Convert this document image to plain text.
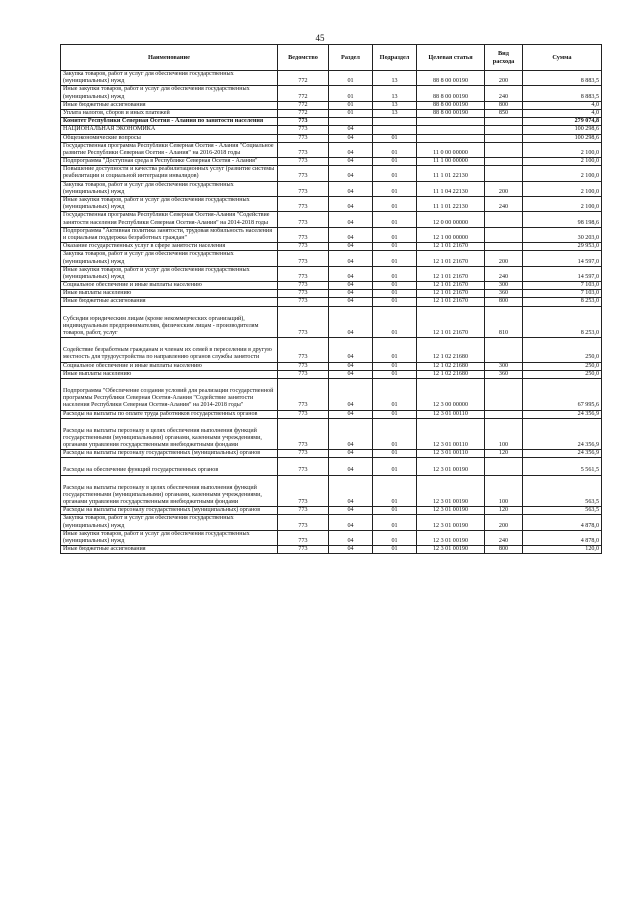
45
Наименование	Ведомство	Раздел	Подраздел	Целевая статья	Вид расхода	Сумма
Закупка товаров, работ и услуг для обеспечения государственных (муниципальных) нужд	772	01	13	88 8 00 00190	200	8 883,5
Иные закупки товаров, работ и услуг для обеспечения государственных (муниципальных) нужд	772	01	13	88 8 00 00190	240	8 883,5
Иные бюджетные ассигнования	772	01	13	88 8 00 00190	800	4,0
Уплата налогов, сборов и иных платежей	772	01	13	88 8 00 00190	850	4,0
Комитет Республики Северная Осетия - Алания по занятости населения	773					279 074,8
НАЦИОНАЛЬНАЯ ЭКОНОМИКА	773	04				100 298,6
Общеэкономические вопросы	773	04	01			100 298,6
Государственная программа Республики Северная Осетия - Алания "Социальное развитие Республики Северная Осетия - Алания" на 2016-2018 годы	773	04	01	11 0 00 00000		2 100,0
Подпрограмма "Доступная среда в Республике Северная Осетия - Алания"	773	04	01	11 1 00 00000		2 100,0
Повышение доступности и качества реабилитационных услуг (развитие системы реабилитации и социальной интеграции инвалидов)	773	04	01	11 1 01 22130		2 100,0
Закупка товаров, работ и услуг для обеспечения государственных (муниципальных) нужд	773	04	01	11 1 04 22130	200	2 100,0
Иные закупки товаров, работ и услуг для обеспечения государственных (муниципальных) нужд	773	04	01	11 1 01 22130	240	2 100,0
Государственная программа Республики Северная Осетия-Алания "Содействие занятости населения Республики Северная Осетия-Алания" на 2014-2018 годы	773	04	01	12 0 00 00000		98 198,6
Подпрограмма "Активная политика занятости, трудовая мобильность населения и социальная поддержка безработных граждан"	773	04	01	12 1 00 00000		30 203,0
Оказание государственных услуг в сфере занятости населения	773	04	01	12 1 01 21670		29 953,0
Закупка товаров, работ и услуг для обеспечения государственных (муниципальных) нужд	773	04	01	12 1 01 21670	200	14 597,0
Иные закупки товаров, работ и услуг для обеспечения государственных (муниципальных) нужд	773	04	01	12 1 01 21670	240	14 597,0
Социальное обеспечение и иные выплаты населению	773	04	01	12 1 01 21670	300	7 103,0
Иные выплаты населению	773	04	01	12 1 01 21670	360	7 103,0
Иные бюджетные ассигнования	773	04	01	12 1 01 21670	800	8 253,0
Субсидии юридическим лицам (кроме некоммерческих организаций), индивидуальным предпринимателям, физическим лицам - производителям товаров, работ, услуг	773	04	01	12 1 01 21670	810	8 253,0
Содействие безработным гражданам и членам их семей в переселении в другую местность для трудоустройства по направлению органов службы занятости	773	04	01	12 1 02 21680		250,0
Социальное обеспечение и иные выплаты населению	773	04	01	12 1 02 21680	300	250,0
Иные выплаты населению	773	04	01	12 1 02 21680	360	250,0
Подпрограмма "Обеспечение создания условий для реализации государственной программы Республики Северная Осетия-Алания "Содействие занятости населения Республики Северная Осетия-Алания" на 2014-2018 годы"	773	04	01	12 3 00 00000		67 995,6
Расходы на выплаты по оплате труда работников государственных органов	773	04	01	12 3 01 00110		24 356,9
Расходы на выплаты персоналу в целях обеспечения выполнения функций государственными (муниципальными) органами, казенными учреждениями, органами управления государственными внебюджетными фондами	773	04	01	12 3 01 00110	100	24 356,9
Расходы на выплаты персоналу государственных (муниципальных) органов	773	04	01	12 3 01 00110	120	24 356,9
Расходы на обеспечение функций государственных органов	773	04	01	12 3 01 00190		5 561,5
Расходы на выплаты персоналу в целях обеспечения выполнения функций государственными (муниципальными) органами, казенными учреждениями, органами управления государственными внебюджетными фондами	773	04	01	12 3 01 00190	100	563,5
Расходы на выплаты персоналу государственных (муниципальных) органов	773	04	01	12 3 01 00190	120	563,5
Закупка товаров, работ и услуг для обеспечения государственных (муниципальных) нужд	773	04	01	12 3 01 00190	200	4 878,0
Иные закупки товаров, работ и услуг для обеспечения государственных (муниципальных) нужд	773	04	01	12 3 01 00190	240	4 878,0
Иные бюджетные ассигнования	773	04	01	12 3 01 00190	800	120,0
